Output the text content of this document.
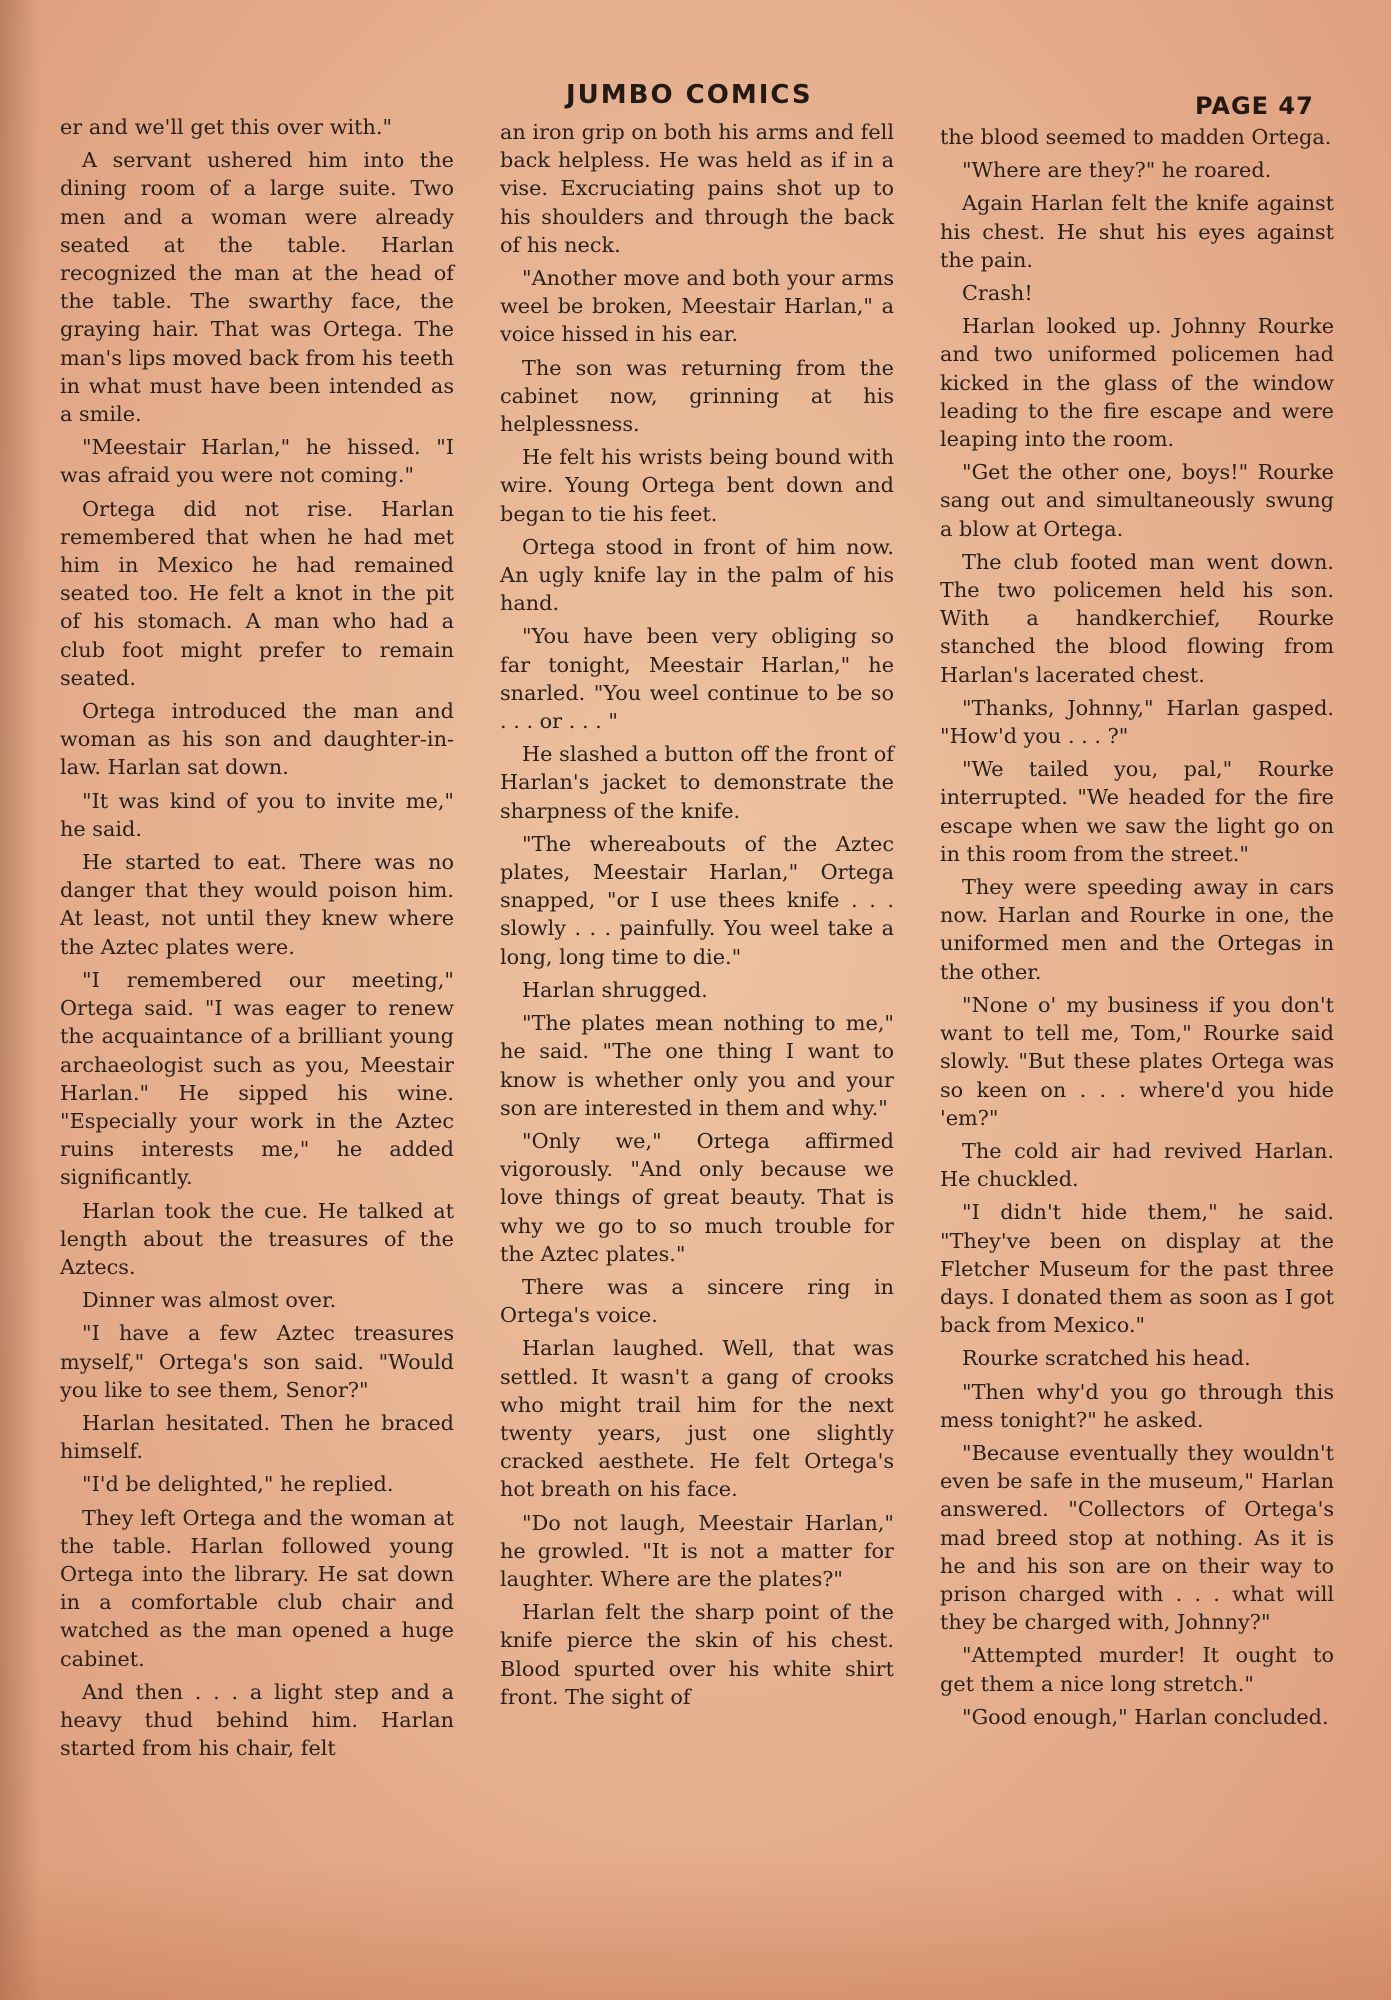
JUMBO COMICS	PAGE 47

er and we'll get this over with."

A servant ushered him into the dining room of a large suite. Two men and a woman were already seated at the table. Harlan recognized the man at the head of the table. The swarthy face, the graying hair. That was Ortega. The man's lips moved back from his teeth in what must have been intended as a smile.

"Meestair Harlan," he hissed. "I was afraid you were not coming."

Ortega did not rise. Harlan remembered that when he had met him in Mexico he had remained seated too. He felt a knot in the pit of his stomach. A man who had a club foot might prefer to remain seated.

Ortega introduced the man and woman as his son and daughter-in-law. Harlan sat down.

"It was kind of you to invite me," he said.

He started to eat. There was no danger that they would poison him. At least, not until they knew where the Aztec plates were.

"I remembered our meeting," Ortega said. "I was eager to renew the acquaintance of a brilliant young archaeologist such as you, Meestair Harlan." He sipped his wine. "Especially your work in the Aztec ruins interests me," he added significantly.

Harlan took the cue. He talked at length about the treasures of the Aztecs.

Dinner was almost over.

"I have a few Aztec treasures myself," Ortega's son said. "Would you like to see them, Senor?"

Harlan hesitated. Then he braced himself.

"I'd be delighted," he replied.

They left Ortega and the woman at the table. Harlan followed young Ortega into the library. He sat down in a comfortable club chair and watched as the man opened a huge cabinet.

And then . . . a light step and a heavy thud behind him. Harlan started from his chair, felt

an iron grip on both his arms and fell back helpless. He was held as if in a vise. Excruciating pains shot up to his shoulders and through the back of his neck.

"Another move and both your arms weel be broken, Meestair Harlan," a voice hissed in his ear.

The son was returning from the cabinet now, grinning at his helplessness.

He felt his wrists being bound with wire. Young Ortega bent down and began to tie his feet.

Ortega stood in front of him now. An ugly knife lay in the palm of his hand.

"You have been very obliging so far tonight, Meestair Harlan," he snarled. "You weel continue to be so . . . or . . . "

He slashed a button off the front of Harlan's jacket to demonstrate the sharpness of the knife.

"The whereabouts of the Aztec plates, Meestair Harlan," Ortega snapped, "or I use thees knife . . . slowly . . . painfully. You weel take a long, long time to die."

Harlan shrugged.

"The plates mean nothing to me," he said. "The one thing I want to know is whether only you and your son are interested in them and why."

"Only we," Ortega affirmed vigorously. "And only because we love things of great beauty. That is why we go to so much trouble for the Aztec plates."

There was a sincere ring in Ortega's voice.

Harlan laughed. Well, that was settled. It wasn't a gang of crooks who might trail him for the next twenty years, just one slightly cracked aesthete. He felt Ortega's hot breath on his face.

"Do not laugh, Meestair Harlan," he growled. "It is not a matter for laughter. Where are the plates?"

Harlan felt the sharp point of the knife pierce the skin of his chest. Blood spurted over his white shirt front. The sight of

the blood seemed to madden Ortega.

"Where are they?" he roared.

Again Harlan felt the knife against his chest. He shut his eyes against the pain.

Crash!

Harlan looked up. Johnny Rourke and two uniformed policemen had kicked in the glass of the window leading to the fire escape and were leaping into the room.

"Get the other one, boys!" Rourke sang out and simultaneously swung a blow at Ortega.

The club footed man went down. The two policemen held his son. With a handkerchief, Rourke stanched the blood flowing from Harlan's lacerated chest.

"Thanks, Johnny," Harlan gasped. "How'd you . . . ?"

"We tailed you, pal," Rourke interrupted. "We headed for the fire escape when we saw the light go on in this room from the street."

They were speeding away in cars now. Harlan and Rourke in one, the uniformed men and the Ortegas in the other.

"None o' my business if you don't want to tell me, Tom," Rourke said slowly. "But these plates Ortega was so keen on . . . where'd you hide 'em?"

The cold air had revived Harlan. He chuckled.

"I didn't hide them," he said. "They've been on display at the Fletcher Museum for the past three days. I donated them as soon as I got back from Mexico."

Rourke scratched his head.

"Then why'd you go through this mess tonight?" he asked.

"Because eventually they wouldn't even be safe in the museum," Harlan answered. "Collectors of Ortega's mad breed stop at nothing. As it is he and his son are on their way to prison charged with . . . what will they be charged with, Johnny?"

"Attempted murder! It ought to get them a nice long stretch."

"Good enough," Harlan concluded.
